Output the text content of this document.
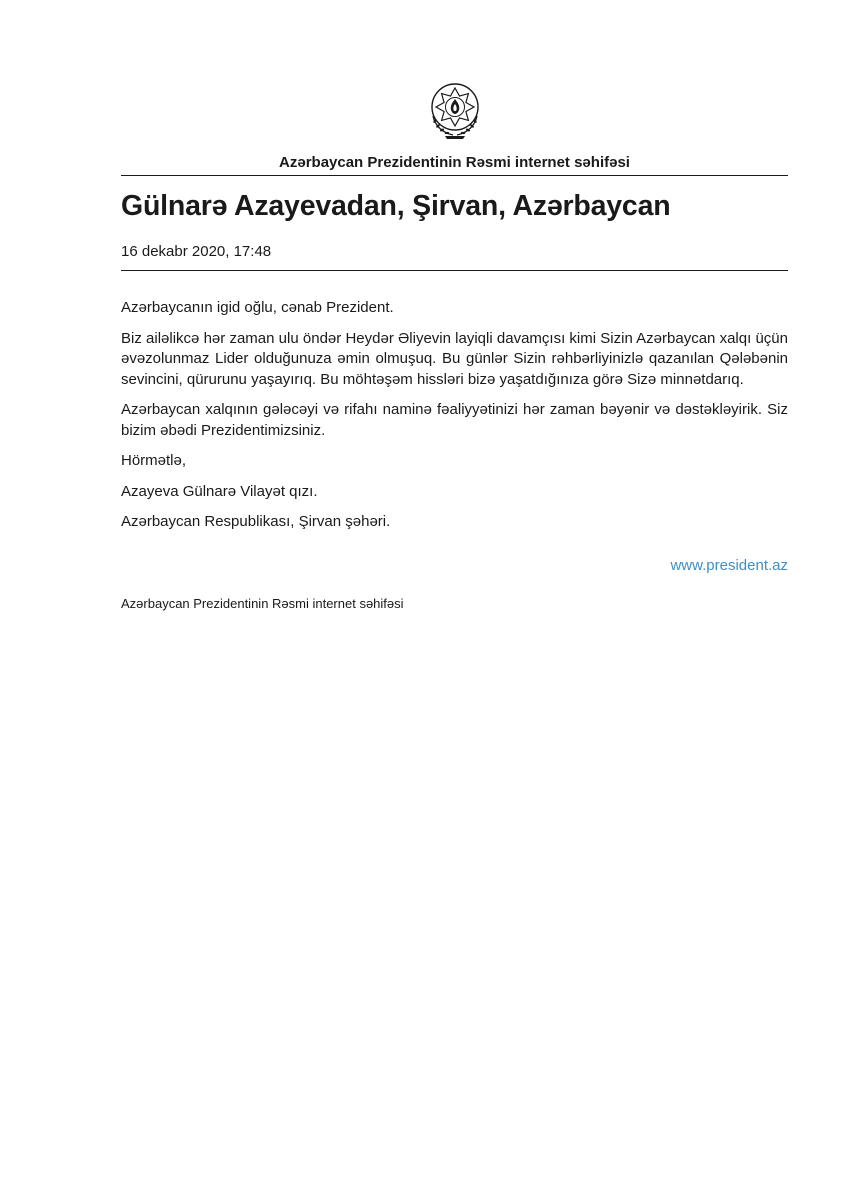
Azərbaycan Prezidentinin Rəsmi internet səhifəsi
Gülnarə Azayevadan, Şirvan, Azərbaycan
16 dekabr 2020, 17:48

Azərbaycanın igid oğlu, cənab Prezident.

Biz ailəlikcə hər zaman ulu öndər Heydər Əliyevin layiqli davamçısı kimi Sizin Azərbaycan xalqı üçün əvəzolunmaz Lider olduğunuza əmin olmuşuq. Bu günlər Sizin rəhbərliyinizlə qazanılan Qələbənin sevincini, qürurunu yaşayırıq. Bu möhtəşəm hissləri bizə yaşatdığınıza görə Sizə minnətdarıq.

Azərbaycan xalqının gələcəyi və rifahı naminə fəaliyyətinizi hər zaman bəyənir və dəstəkləyirik. Siz bizim əbədi Prezidentimizsiniz.

Hörmətlə,

Azayeva Gülnarə Vilayət qızı.

Azərbaycan Respublikası, Şirvan şəhəri.

www.president.az
Azərbaycan Prezidentinin Rəsmi internet səhifəsi
